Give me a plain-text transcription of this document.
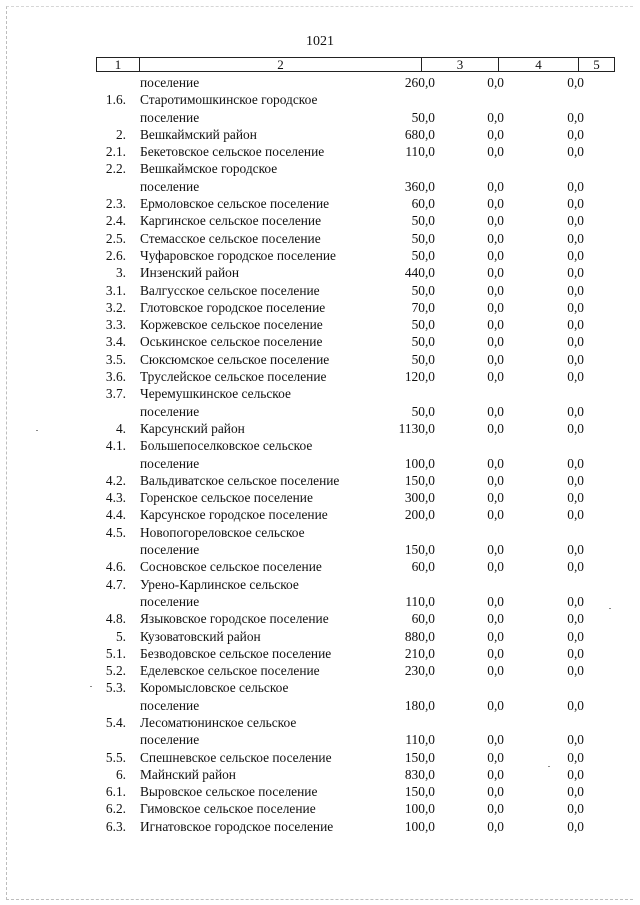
1021
1	2	3	4	5
поселение	260,0	0,0	0,0
1.6.	Старотимошкинское городское
поселение	50,0	0,0	0,0
2.	Вешкаймский район	680,0	0,0	0,0
2.1.	Бекетовское сельское поселение	110,0	0,0	0,0
2.2.	Вешкаймское городское
поселение	360,0	0,0	0,0
2.3.	Ермоловское сельское поселение	60,0	0,0	0,0
2.4.	Каргинское сельское поселение	50,0	0,0	0,0
2.5.	Стемасское сельское поселение	50,0	0,0	0,0
2.6.	Чуфаровское городское поселение	50,0	0,0	0,0
3.	Инзенский район	440,0	0,0	0,0
3.1.	Валгусское сельское поселение	50,0	0,0	0,0
3.2.	Глотовское городское поселение	70,0	0,0	0,0
3.3.	Коржевское сельское поселение	50,0	0,0	0,0
3.4.	Оськинское сельское поселение	50,0	0,0	0,0
3.5.	Сюксюмское сельское поселение	50,0	0,0	0,0
3.6.	Труслейское сельское поселение	120,0	0,0	0,0
3.7.	Черемушкинское сельское
поселение	50,0	0,0	0,0
4.	Карсунский район	1130,0	0,0	0,0
4.1.	Большепоселковское сельское
поселение	100,0	0,0	0,0
4.2.	Вальдиватское сельское поселение	150,0	0,0	0,0
4.3.	Горенское сельское поселение	300,0	0,0	0,0
4.4.	Карсунское городское поселение	200,0	0,0	0,0
4.5.	Новопогореловское сельское
поселение	150,0	0,0	0,0
4.6.	Сосновское сельское поселение	60,0	0,0	0,0
4.7.	Урено-Карлинское сельское
поселение	110,0	0,0	0,0
4.8.	Языковское городское поселение	60,0	0,0	0,0
5.	Кузоватовский район	880,0	0,0	0,0
5.1.	Безводовское сельское поселение	210,0	0,0	0,0
5.2.	Еделевское сельское поселение	230,0	0,0	0,0
5.3.	Коромысловское сельское
поселение	180,0	0,0	0,0
5.4.	Лесоматюнинское сельское
поселение	110,0	0,0	0,0
5.5.	Спешневское сельское поселение	150,0	0,0	0,0
6.	Майнский район	830,0	0,0	0,0
6.1.	Выровское сельское поселение	150,0	0,0	0,0
6.2.	Гимовское сельское поселение	100,0	0,0	0,0
6.3.	Игнатовское городское поселение	100,0	0,0	0,0
